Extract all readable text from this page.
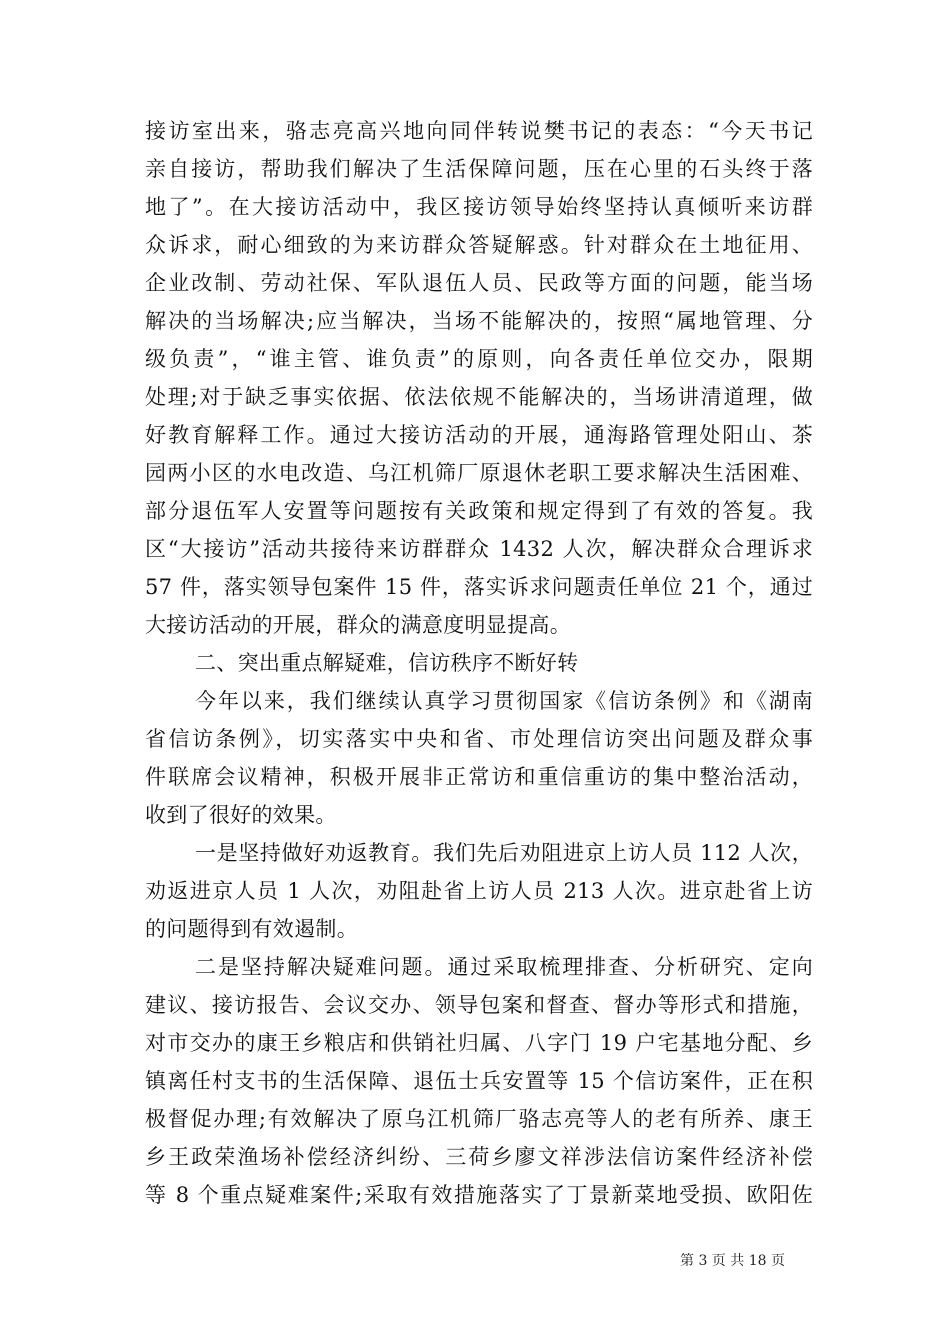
接访室出来，骆志亮高兴地向同伴转说樊书记的表态：“今天书记
亲自接访，帮助我们解决了生活保障问题，压在心里的石头终于落
地了”。在大接访活动中，我区接访领导始终坚持认真倾听来访群
众诉求，耐心细致的为来访群众答疑解惑。针对群众在土地征用、
企业改制、劳动社保、军队退伍人员、民政等方面的问题，能当场
解决的当场解决;应当解决，当场不能解决的，按照“属地管理、分
级负责”，“谁主管、谁负责”的原则，向各责任单位交办，限期
处理;对于缺乏事实依据、依法依规不能解决的，当场讲清道理，做
好教育解释工作。通过大接访活动的开展，通海路管理处阳山、茶
园两小区的水电改造、乌江机筛厂原退休老职工要求解决生活困难、
部分退伍军人安置等问题按有关政策和规定得到了有效的答复。我
区“大接访”活动共接待来访群群众 1432 人次，解决群众合理诉求
57 件，落实领导包案件 15 件，落实诉求问题责任单位 21 个，通过
大接访活动的开展，群众的满意度明显提高。
二、突出重点解疑难，信访秩序不断好转
今年以来，我们继续认真学习贯彻国家《信访条例》和《湖南
省信访条例》，切实落实中央和省、市处理信访突出问题及群众事
件联席会议精神，积极开展非正常访和重信重访的集中整治活动，
收到了很好的效果。
一是坚持做好劝返教育。我们先后劝阻进京上访人员 112 人次，
劝返进京人员 1 人次，劝阻赴省上访人员 213 人次。进京赴省上访
的问题得到有效遏制。
二是坚持解决疑难问题。通过采取梳理排查、分析研究、定向
建议、接访报告、会议交办、领导包案和督查、督办等形式和措施，
对市交办的康王乡粮店和供销社归属、八字门 19 户宅基地分配、乡
镇离任村支书的生活保障、退伍士兵安置等 15 个信访案件，正在积
极督促办理;有效解决了原乌江机筛厂骆志亮等人的老有所养、康王
乡王政荣渔场补偿经济纠纷、三荷乡廖文祥涉法信访案件经济补偿
等 8 个重点疑难案件;采取有效措施落实了丁景新菜地受损、欧阳佐
第 3 页 共 18 页
